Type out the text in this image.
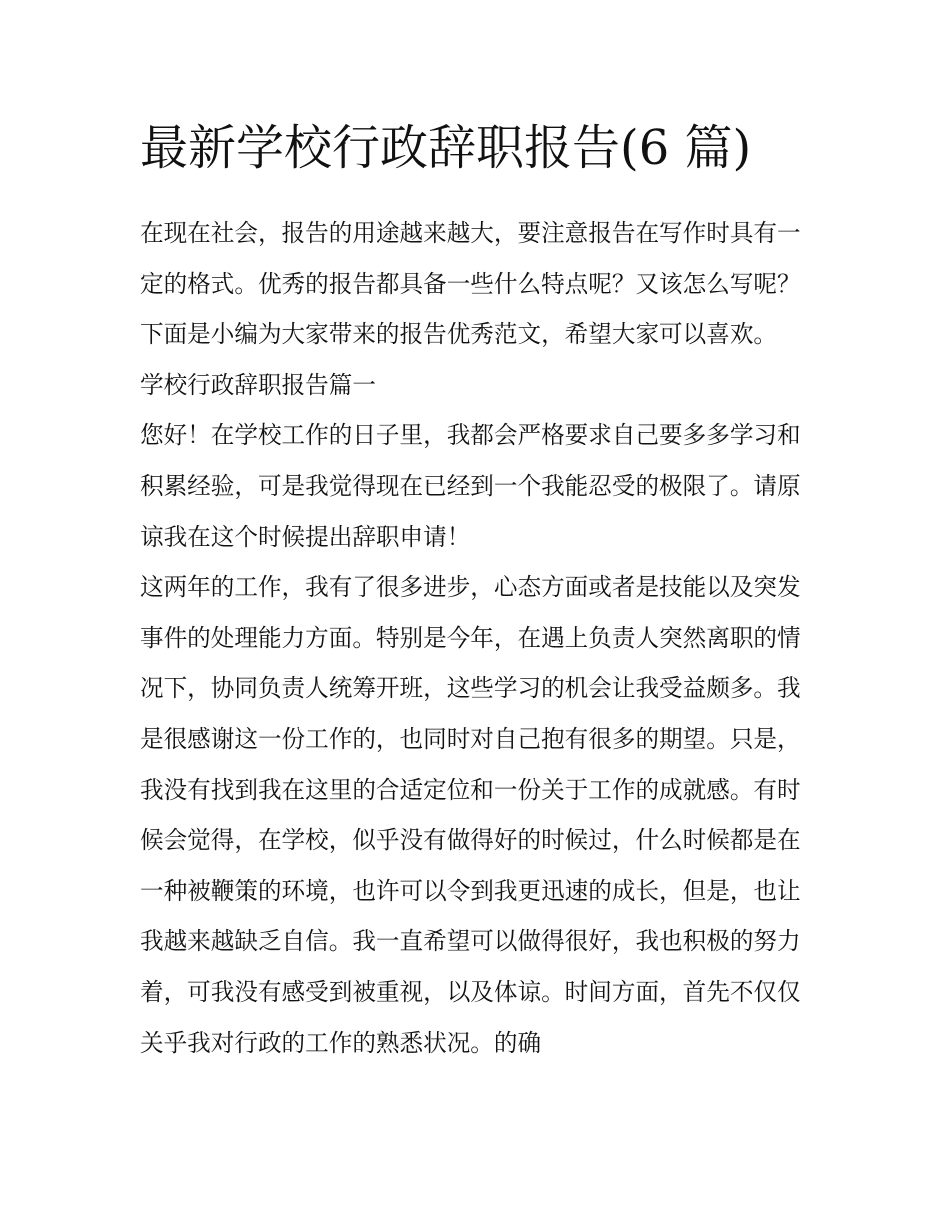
最新学校行政辞职报告(6 篇)

在现在社会，报告的用途越来越大，要注意报告在写作时具有一定的格式。优秀的报告都具备一些什么特点呢？又该怎么写呢？下面是小编为大家带来的报告优秀范文，希望大家可以喜欢。

学校行政辞职报告篇一

您好！在学校工作的日子里，我都会严格要求自己要多多学习和积累经验，可是我觉得现在已经到一个我能忍受的极限了。请原谅我在这个时候提出辞职申请！

这两年的工作，我有了很多进步，心态方面或者是技能以及突发事件的处理能力方面。特别是今年，在遇上负责人突然离职的情况下，协同负责人统筹开班，这些学习的机会让我受益颇多。我是很感谢这一份工作的，也同时对自己抱有很多的期望。只是，我没有找到我在这里的合适定位和一份关于工作的成就感。有时候会觉得，在学校，似乎没有做得好的时候过，什么时候都是在一种被鞭策的环境，也许可以令到我更迅速的成长，但是，也让我越来越缺乏自信。我一直希望可以做得很好，我也积极的努力着，可我没有感受到被重视，以及体谅。时间方面，首先不仅仅关乎我对行政的工作的熟悉状况。的确
